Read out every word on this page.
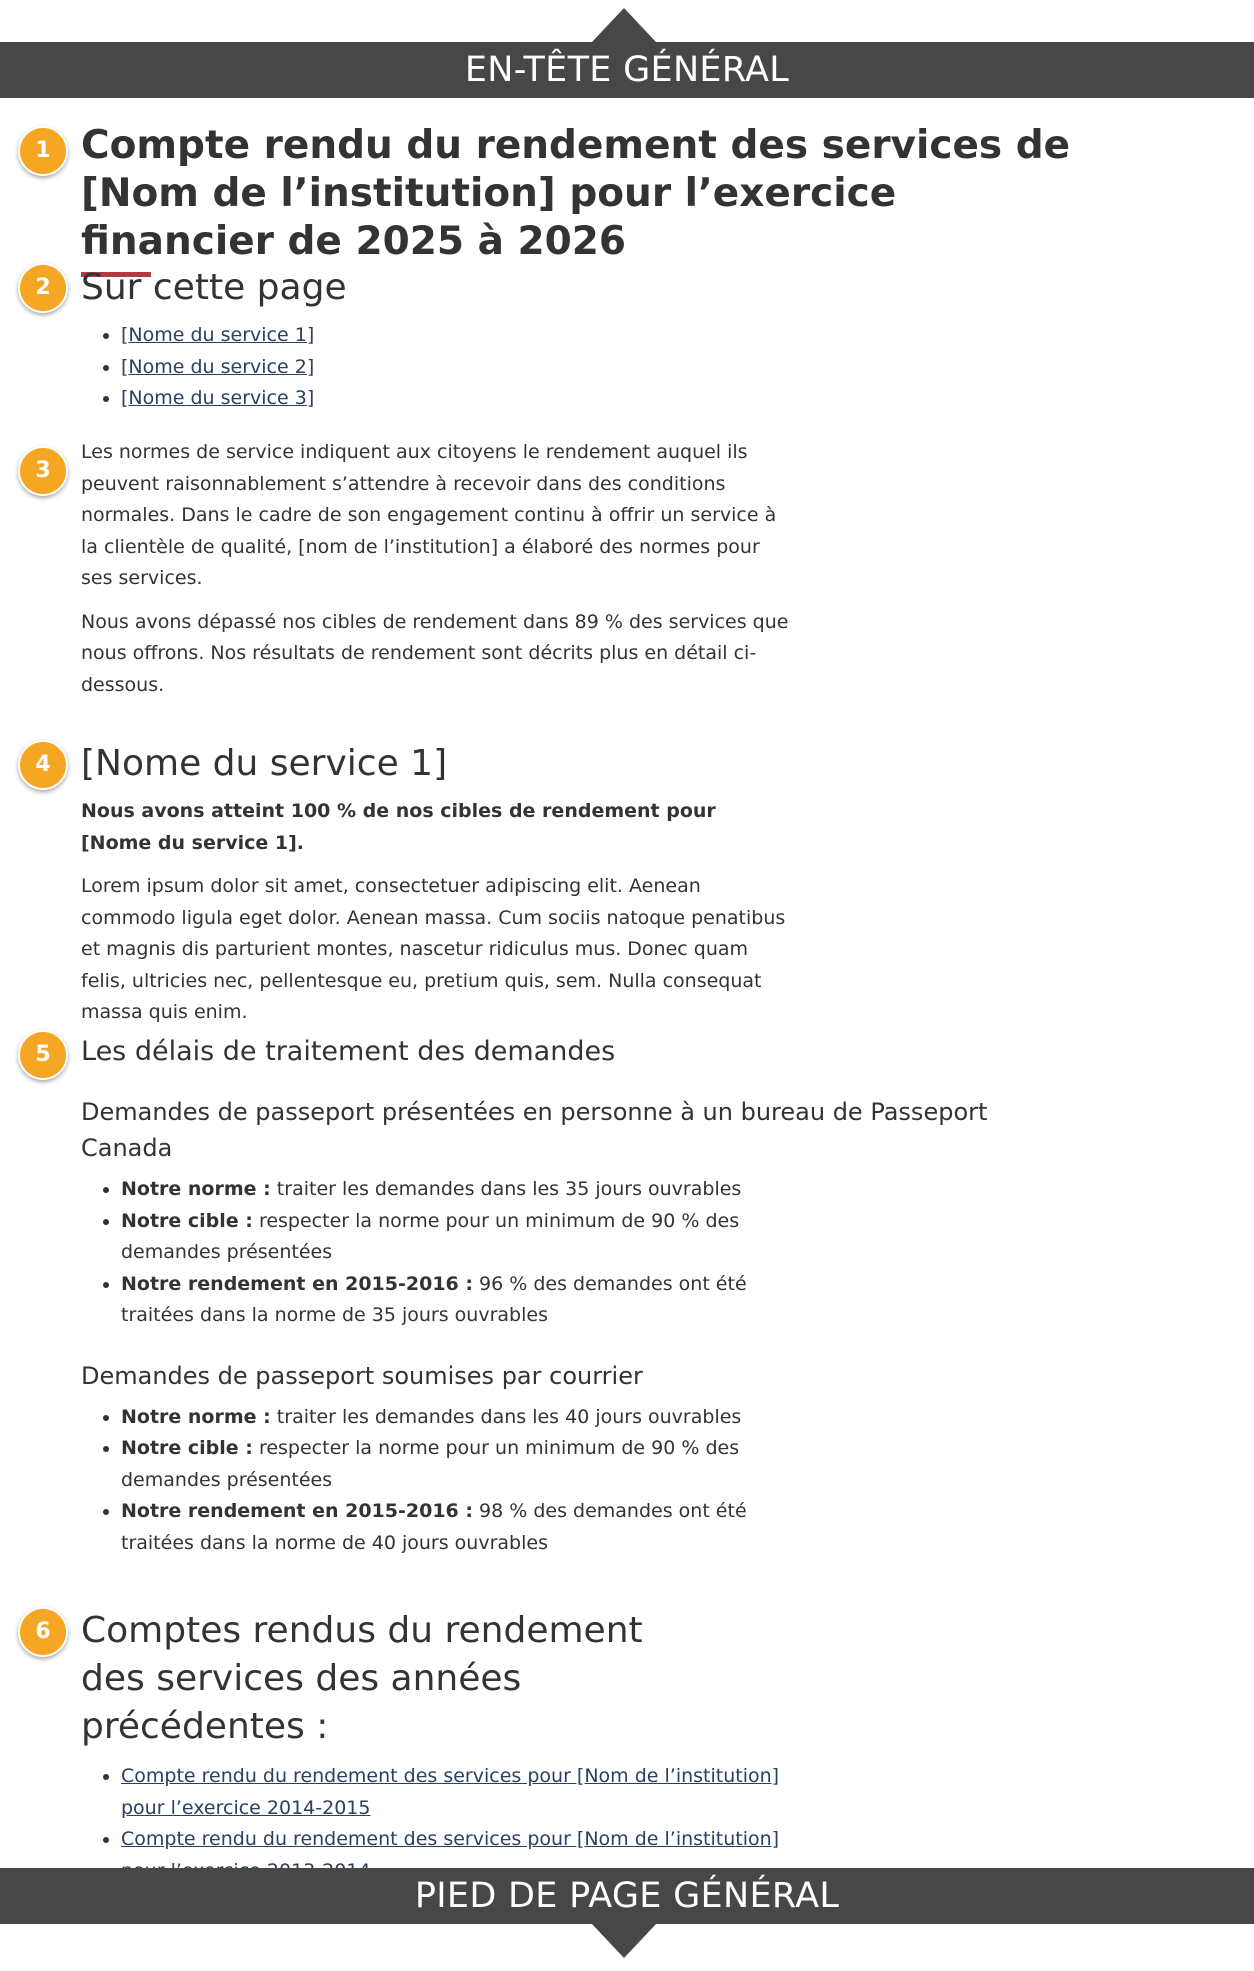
EN-TÊTE GÉNÉRAL
1
2
3
4
5
6
Compte rendu du rendement des services de [Nom de l’institution] pour l’exercice financier de 2025 à 2026
Sur cette page
• [Nome du service 1]
• [Nome du service 2]
• [Nome du service 3]

Les normes de service indiquent aux citoyens le rendement auquel ils peuvent raisonnablement s’attendre à recevoir dans des conditions normales. Dans le cadre de son engagement continu à offrir un service à la clientèle de qualité, [nom de l’institution] a élaboré des normes pour ses services.

Nous avons dépassé nos cibles de rendement dans 89 % des services que nous offrons. Nos résultats de rendement sont décrits plus en détail ci-dessous.

[Nome du service 1]

Nous avons atteint 100 % de nos cibles de rendement pour [Nome du service 1].

Lorem ipsum dolor sit amet, consectetuer adipiscing elit. Aenean commodo ligula eget dolor. Aenean massa. Cum sociis natoque penatibus et magnis dis parturient montes, nascetur ridiculus mus. Donec quam felis, ultricies nec, pellentesque eu, pretium quis, sem. Nulla consequat massa quis enim.

Les délais de traitement des demandes
Demandes de passeport présentées en personne à un bureau de Passeport Canada
• Notre norme : traiter les demandes dans les 35 jours ouvrables
• Notre cible : respecter la norme pour un minimum de 90 % des demandes présentées
• Notre rendement en 2015-2016 : 96 % des demandes ont été traitées dans la norme de 35 jours ouvrables
Demandes de passeport soumises par courrier
• Notre norme : traiter les demandes dans les 40 jours ouvrables
• Notre cible : respecter la norme pour un minimum de 90 % des demandes présentées
• Notre rendement en 2015-2016 : 98 % des demandes ont été traitées dans la norme de 40 jours ouvrables
Comptes rendus du rendement des services des années précédentes :
• Compte rendu du rendement des services pour [Nom de l’institution] pour l’exercice 2014-2015
• Compte rendu du rendement des services pour [Nom de l’institution]
PIED DE PAGE GÉNÉRAL
